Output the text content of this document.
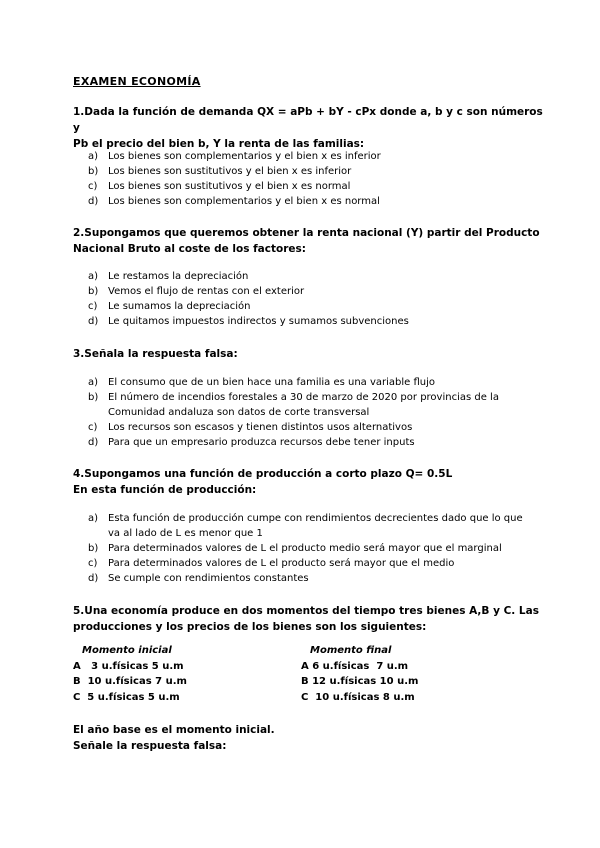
EXAMEN ECONOMÍA
1.Dada la función de demanda QX = aPb + bY - cPx donde a, b y c son números y
Pb el precio del bien b, Y la renta de las familias:
a) Los bienes son complementarios y el bien x es inferior
b) Los bienes son sustitutivos y el bien x es inferior
c) Los bienes son sustitutivos y el bien x es normal
d) Los bienes son complementarios y el bien x es normal
2.Supongamos que queremos obtener la renta nacional (Y) partir del Producto
Nacional Bruto al coste de los factores:
a) Le restamos la depreciación
b) Vemos el flujo de rentas con el exterior
c) Le sumamos la depreciación
d) Le quitamos impuestos indirectos y sumamos subvenciones
3.Señala la respuesta falsa:
a) El consumo que de un bien hace una familia es una variable flujo
b) El número de incendios forestales a 30 de marzo de 2020 por provincias de la
Comunidad andaluza son datos de corte transversal
c) Los recursos son escasos y tienen distintos usos alternativos
d) Para que un empresario produzca recursos debe tener inputs
4.Supongamos una función de producción a corto plazo Q= 0.5L
En esta función de producción:
a) Esta función de producción cumpe con rendimientos decrecientes dado que lo que
va al lado de L es menor que 1
b) Para determinados valores de L el producto medio será mayor que el marginal
c) Para determinados valores de L el producto será mayor que el medio
d) Se cumple con rendimientos constantes
5.Una economía produce en dos momentos del tiempo tres bienes A,B y C. Las
producciones y los precios de los bienes son los siguientes:
Momento inicial
A   3 u.físicas 5 u.m
B  10 u.físicas 7 u.m
C  5 u.físicas 5 u.m
Momento final
A 6 u.físicas  7 u.m
B 12 u.físicas 10 u.m
C  10 u.físicas 8 u.m
El año base es el momento inicial.
Señale la respuesta falsa:
